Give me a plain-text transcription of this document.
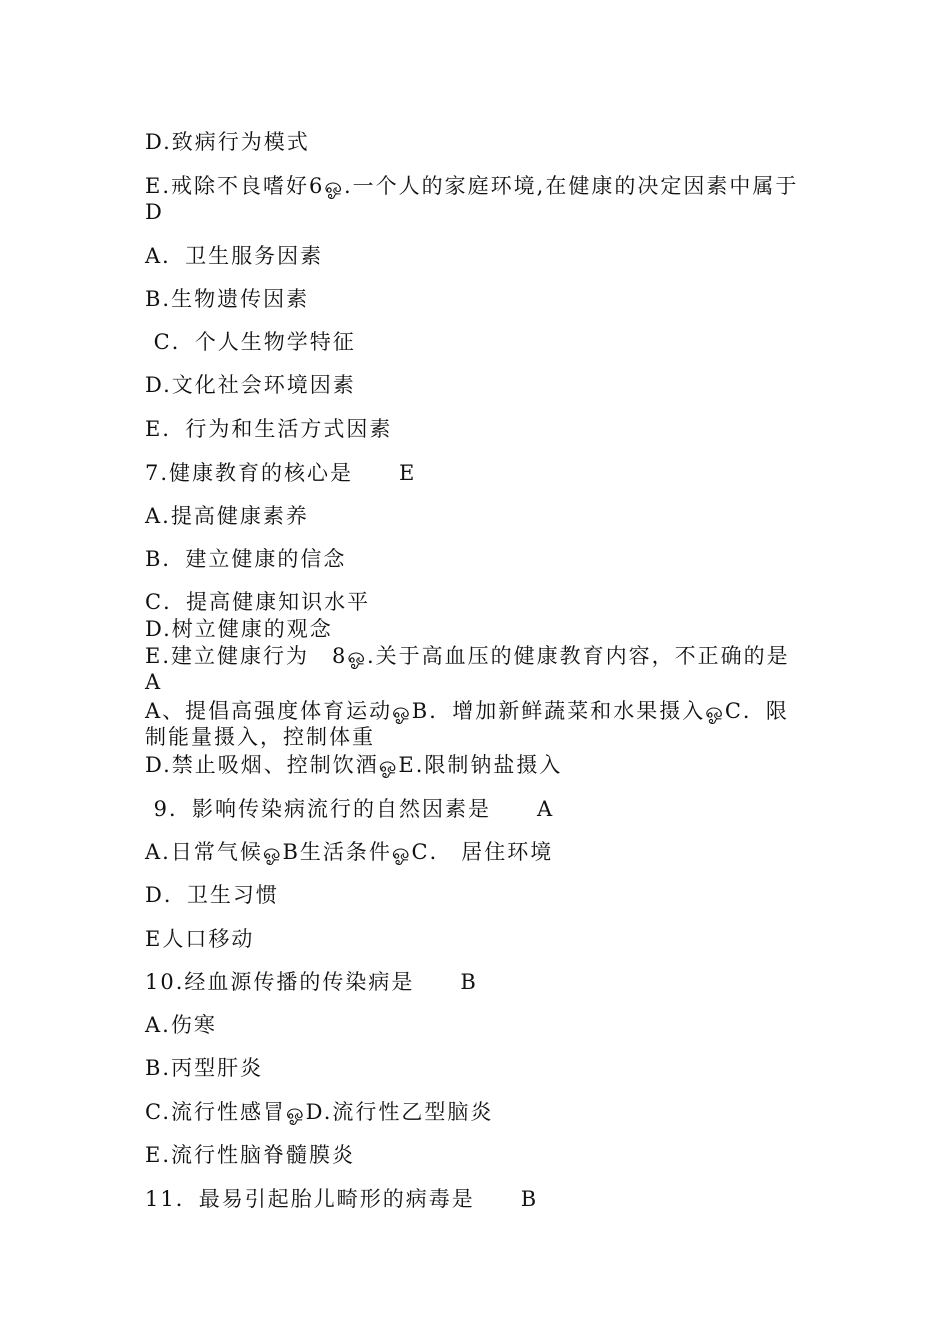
D.致病行为模式
E.戒除不良嗜好6ஓ.一个人的家庭环境,在健康的决定因素中属于　D
A．卫生服务因素
B.生物遗传因素
C．个人生物学特征
D.文化社会环境因素
E．行为和生活方式因素
7.健康教育的核心是　　E
A.提高健康素养
B．建立健康的信念
C．提高健康知识水平
D.树立健康的观念
E.建立健康行为　8ஓ.关于高血压的健康教育内容，不正确的是　A
A、提倡高强度体育运动ஓB．增加新鲜蔬菜和水果摄入ஓC．限制能量摄入，控制体重
D.禁止吸烟、控制饮酒ஓE.限制钠盐摄入
9．影响传染病流行的自然因素是　　A
A.日常气候ஓB生活条件ஓC． 居住环境
D．卫生习惯
E人口移动
10.经血源传播的传染病是　　B
A.伤寒
B.丙型肝炎
C.流行性感冒ஓD.流行性乙型脑炎
E.流行性脑脊髓膜炎
11．最易引起胎儿畸形的病毒是　　B
